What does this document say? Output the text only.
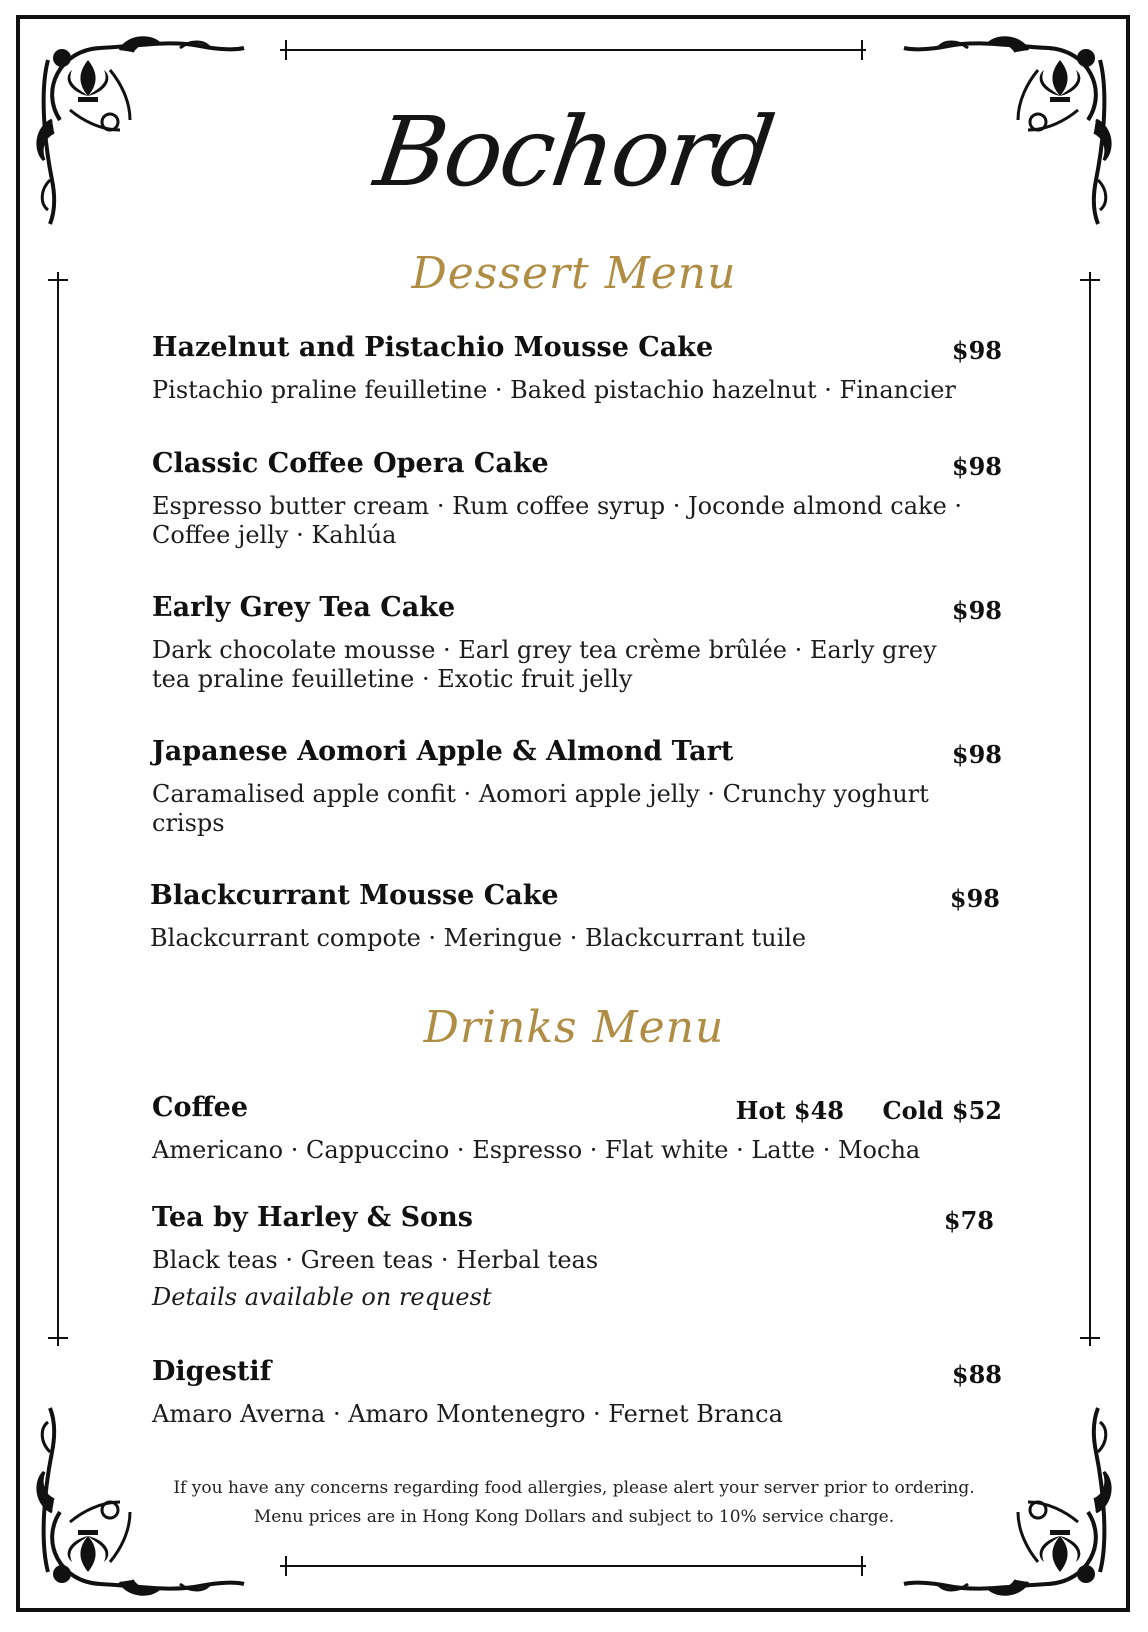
Bochord
Dessert Menu
Hazelnut and Pistachio Mousse Cake	$98
Pistachio praline feuilletine · Baked pistachio hazelnut · Financier
Classic Coffee Opera Cake	$98
Espresso butter cream · Rum coffee syrup · Joconde almond cake · Coffee jelly · Kahlúa
Early Grey Tea Cake	$98
Dark chocolate mousse · Earl grey tea crème brûlée · Early grey tea praline feuilletine · Exotic fruit jelly
Japanese Aomori Apple & Almond Tart	$98
Caramalised apple confit · Aomori apple jelly · Crunchy yoghurt crisps
Blackcurrant Mousse Cake	$98
Blackcurrant compote · Meringue · Blackcurrant tuile
Drinks Menu
Coffee	Hot $48 Cold $52
Americano · Cappuccino · Espresso · Flat white · Latte · Mocha
Tea by Harley & Sons	$78
Black teas · Green teas · Herbal teas
Details available on request
Digestif	$88
Amaro Averna · Amaro Montenegro · Fernet Branca
If you have any concerns regarding food allergies, please alert your server prior to ordering.
Menu prices are in Hong Kong Dollars and subject to 10% service charge.
